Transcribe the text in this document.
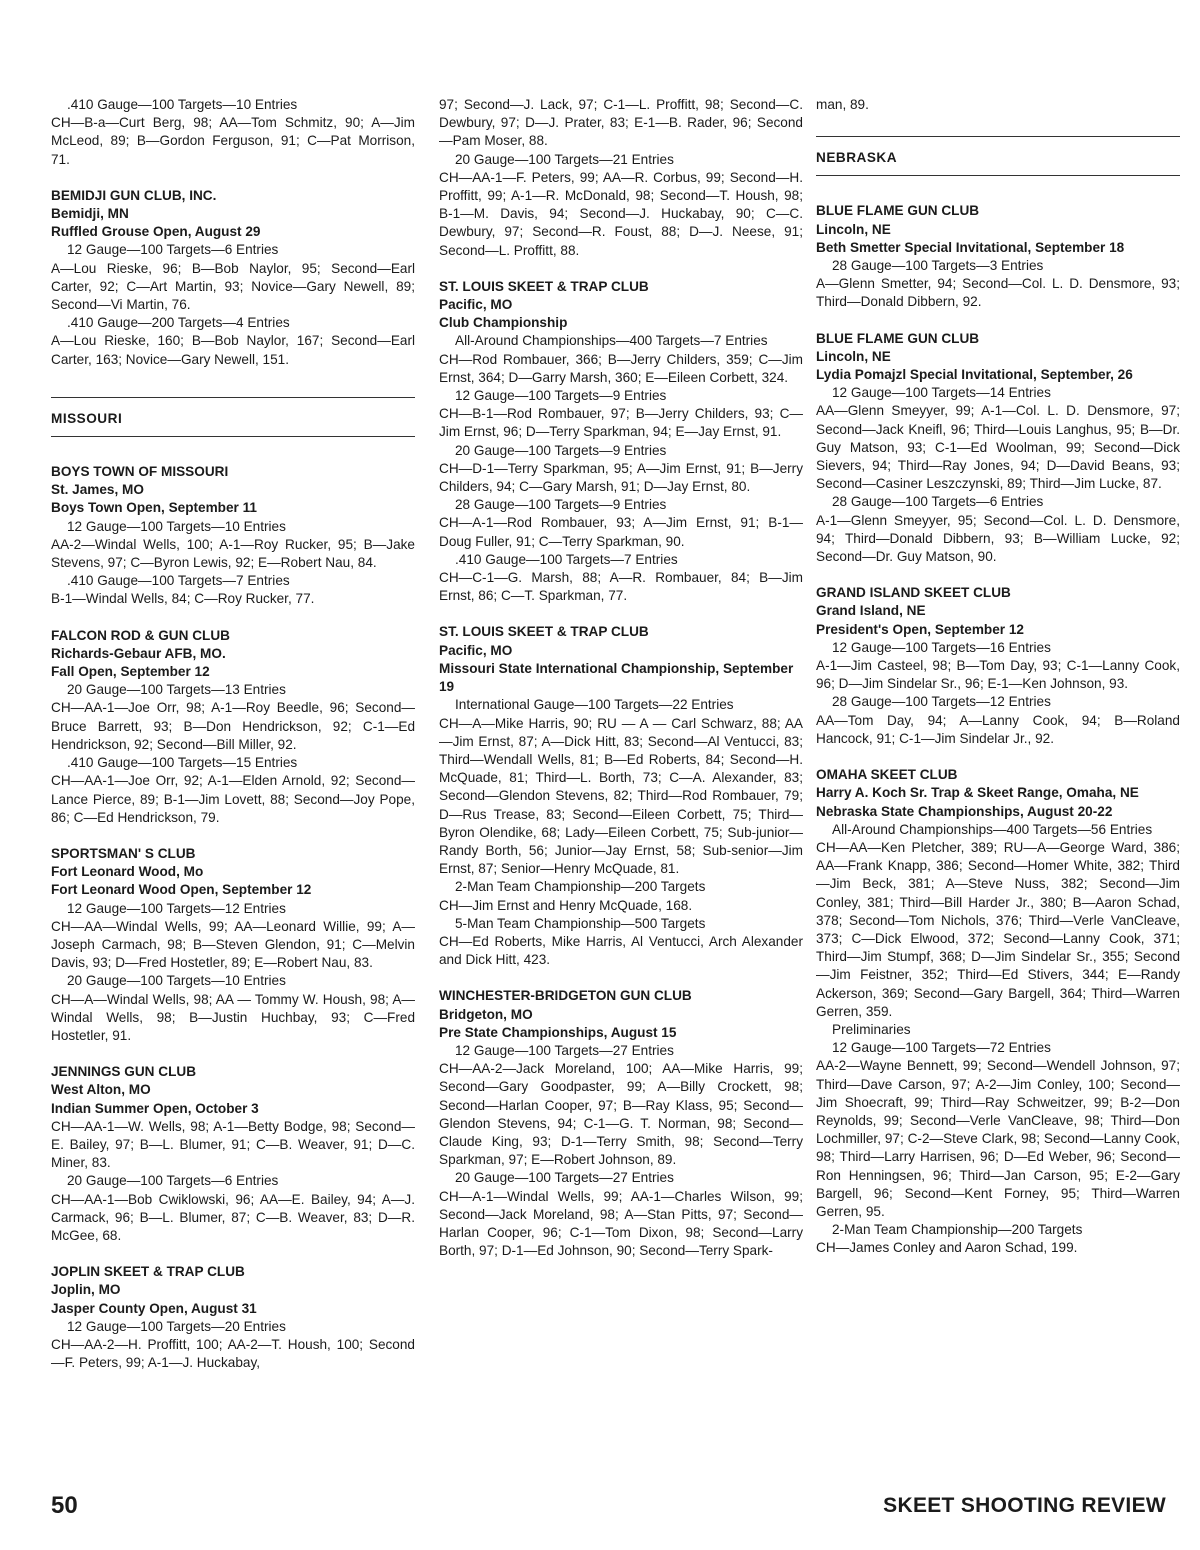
.410 Gauge—100 Targets—10 Entries

CH—B-a—Curt Berg, 98; AA—Tom Schmitz, 90; A—Jim McLeod, 89; B—Gordon Ferguson, 91; C—Pat Morrison, 71.

BEMIDJI GUN CLUB, INC.

Bemidji, MN

Ruffled Grouse Open, August 29

12 Gauge—100 Targets—6 Entries

A—Lou Rieske, 96; B—Bob Naylor, 95; Second—Earl Carter, 92; C—Art Martin, 93; Novice—Gary Newell, 89; Second—Vi Martin, 76.

.410 Gauge—200 Targets—4 Entries

A—Lou Rieske, 160; B—Bob Naylor, 167; Second—Earl Carter, 163; Novice—Gary Newell, 151.

MISSOURI

BOYS TOWN OF MISSOURI

St. James, MO

Boys Town Open, September 11

12 Gauge—100 Targets—10 Entries

AA-2—Windal Wells, 100; A-1—Roy Rucker, 95; B—Jake Stevens, 97; C—Byron Lewis, 92; E—Robert Nau, 84.

.410 Gauge—100 Targets—7 Entries

B-1—Windal Wells, 84; C—Roy Rucker, 77.

FALCON ROD & GUN CLUB

Richards-Gebaur AFB, MO.

Fall Open, September 12

20 Gauge—100 Targets—13 Entries

CH—AA-1—Joe Orr, 98; A-1—Roy Beedle, 96; Second—Bruce Barrett, 93; B—Don Hendrickson, 92; C-1—Ed Hendrickson, 92; Second—Bill Miller, 92.

.410 Gauge—100 Targets—15 Entries

CH—AA-1—Joe Orr, 92; A-1—Elden Arnold, 92; Second—Lance Pierce, 89; B-1—Jim Lovett, 88; Second—Joy Pope, 86; C—Ed Hendrickson, 79.

SPORTSMAN' S CLUB

Fort Leonard Wood, Mo

Fort Leonard Wood Open, September 12

12 Gauge—100 Targets—12 Entries

CH—AA—Windal Wells, 99; AA—Leonard Willie, 99; A—Joseph Carmach, 98; B—Steven Glendon, 91; C—Melvin Davis, 93; D—Fred Hostetler, 89; E—Robert Nau, 83.

20 Gauge—100 Targets—10 Entries

CH—A—Windal Wells, 98; AA — Tommy W. Housh, 98; A—Windal Wells, 98; B—Justin Huchbay, 93; C—Fred Hostetler, 91.

JENNINGS GUN CLUB

West Alton, MO

Indian Summer Open, October 3

CH—AA-1—W. Wells, 98; A-1—Betty Bodge, 98; Second—E. Bailey, 97; B—L. Blumer, 91; C—B. Weaver, 91; D—C. Miner, 83.

20 Gauge—100 Targets—6 Entries

CH—AA-1—Bob Cwiklowski, 96; AA—E. Bailey, 94; A—J. Carmack, 96; B—L. Blumer, 87; C—B. Weaver, 83; D—R. McGee, 68.

JOPLIN SKEET & TRAP CLUB

Joplin, MO

Jasper County Open, August 31

12 Gauge—100 Targets—20 Entries

CH—AA-2—H. Proffitt, 100; AA-2—T. Housh, 100; Second—F. Peters, 99; A-1—J. Huckabay,

97; Second—J. Lack, 97; C-1—L. Proffitt, 98; Second—C. Dewbury, 97; D—J. Prater, 83; E-1—B. Rader, 96; Second—Pam Moser, 88.

20 Gauge—100 Targets—21 Entries

CH—AA-1—F. Peters, 99; AA—R. Corbus, 99; Second—H. Proffitt, 99; A-1—R. McDonald, 98; Second—T. Housh, 98; B-1—M. Davis, 94; Second—J. Huckabay, 90; C—C. Dewbury, 97; Second—R. Foust, 88; D—J. Neese, 91; Second—L. Proffitt, 88.

ST. LOUIS SKEET & TRAP CLUB

Pacific, MO

Club Championship

All-Around Championships—400 Targets—7 Entries

CH—Rod Rombauer, 366; B—Jerry Childers, 359; C—Jim Ernst, 364; D—Garry Marsh, 360; E—Eileen Corbett, 324.

12 Gauge—100 Targets—9 Entries

CH—B-1—Rod Rombauer, 97; B—Jerry Childers, 93; C—Jim Ernst, 96; D—Terry Sparkman, 94; E—Jay Ernst, 91.

20 Gauge—100 Targets—9 Entries

CH—D-1—Terry Sparkman, 95; A—Jim Ernst, 91; B—Jerry Childers, 94; C—Gary Marsh, 91; D—Jay Ernst, 80.

28 Gauge—100 Targets—9 Entries

CH—A-1—Rod Rombauer, 93; A—Jim Ernst, 91; B-1—Doug Fuller, 91; C—Terry Sparkman, 90.

.410 Gauge—100 Targets—7 Entries

CH—C-1—G. Marsh, 88; A—R. Rombauer, 84; B—Jim Ernst, 86; C—T. Sparkman, 77.

ST. LOUIS SKEET & TRAP CLUB

Pacific, MO

Missouri State International Championship, September 19

International Gauge—100 Targets—22 Entries

CH—A—Mike Harris, 90; RU — A — Carl Schwarz, 88; AA—Jim Ernst, 87; A—Dick Hitt, 83; Second—Al Ventucci, 83; Third—Wendall Wells, 81; B—Ed Roberts, 84; Second—H. McQuade, 81; Third—L. Borth, 73; C—A. Alexander, 83; Second—Glendon Stevens, 82; Third—Rod Rombauer, 79; D—Rus Trease, 83; Second—Eileen Corbett, 75; Third—Byron Olendike, 68; Lady—Eileen Corbett, 75; Sub-junior—Randy Borth, 56; Junior—Jay Ernst, 58; Sub-senior—Jim Ernst, 87; Senior—Henry McQuade, 81.

2-Man Team Championship—200 Targets

CH—Jim Ernst and Henry McQuade, 168.

5-Man Team Championship—500 Targets

CH—Ed Roberts, Mike Harris, Al Ventucci, Arch Alexander and Dick Hitt, 423.

WINCHESTER-BRIDGETON GUN CLUB

Bridgeton, MO

Pre State Championships, August 15

12 Gauge—100 Targets—27 Entries

CH—AA-2—Jack Moreland, 100; AA—Mike Harris, 99; Second—Gary Goodpaster, 99; A—Billy Crockett, 98; Second—Harlan Cooper, 97; B—Ray Klass, 95; Second—Glendon Stevens, 94; C-1—G. T. Norman, 98; Second—Claude King, 93; D-1—Terry Smith, 98; Second—Terry Sparkman, 97; E—Robert Johnson, 89.

20 Gauge—100 Targets—27 Entries

CH—A-1—Windal Wells, 99; AA-1—Charles Wilson, 99; Second—Jack Moreland, 98; A—Stan Pitts, 97; Second—Harlan Cooper, 96; C-1—Tom Dixon, 98; Second—Larry Borth, 97; D-1—Ed Johnson, 90; Second—Terry Spark-

man, 89.

NEBRASKA

BLUE FLAME GUN CLUB

Lincoln, NE

Beth Smetter Special Invitational, September 18

28 Gauge—100 Targets—3 Entries

A—Glenn Smetter, 94; Second—Col. L. D. Densmore, 93; Third—Donald Dibbern, 92.

BLUE FLAME GUN CLUB

Lincoln, NE

Lydia Pomajzl Special Invitational, September, 26

12 Gauge—100 Targets—14 Entries

AA—Glenn Smeyyer, 99; A-1—Col. L. D. Densmore, 97; Second—Jack Kneifl, 96; Third—Louis Langhus, 95; B—Dr. Guy Matson, 93; C-1—Ed Woolman, 99; Second—Dick Sievers, 94; Third—Ray Jones, 94; D—David Beans, 93; Second—Casiner Leszczynski, 89; Third—Jim Lucke, 87.

28 Gauge—100 Targets—6 Entries

A-1—Glenn Smeyyer, 95; Second—Col. L. D. Densmore, 94; Third—Donald Dibbern, 93; B—William Lucke, 92; Second—Dr. Guy Matson, 90.

GRAND ISLAND SKEET CLUB

Grand Island, NE

President's Open, September 12

12 Gauge—100 Targets—16 Entries

A-1—Jim Casteel, 98; B—Tom Day, 93; C-1—Lanny Cook, 96; D—Jim Sindelar Sr., 96; E-1—Ken Johnson, 93.

28 Gauge—100 Targets—12 Entries

AA—Tom Day, 94; A—Lanny Cook, 94; B—Roland Hancock, 91; C-1—Jim Sindelar Jr., 92.

OMAHA SKEET CLUB

Harry A. Koch Sr. Trap & Skeet Range, Omaha, NE

Nebraska State Championships, August 20-22

All-Around Championships—400 Targets—56 Entries

CH—AA—Ken Pletcher, 389; RU—A—George Ward, 386; AA—Frank Knapp, 386; Second—Homer White, 382; Third—Jim Beck, 381; A—Steve Nuss, 382; Second—Jim Conley, 381; Third—Bill Harder Jr., 380; B—Aaron Schad, 378; Second—Tom Nichols, 376; Third—Verle VanCleave, 373; C—Dick Elwood, 372; Second—Lanny Cook, 371; Third—Jim Stumpf, 368; D—Jim Sindelar Sr., 355; Second—Jim Feistner, 352; Third—Ed Stivers, 344; E—Randy Ackerson, 369; Second—Gary Bargell, 364; Third—Warren Gerren, 359.

Preliminaries

12 Gauge—100 Targets—72 Entries

AA-2—Wayne Bennett, 99; Second—Wendell Johnson, 97; Third—Dave Carson, 97; A-2—Jim Conley, 100; Second—Jim Shoecraft, 99; Third—Ray Schweitzer, 99; B-2—Don Reynolds, 99; Second—Verle VanCleave, 98; Third—Don Lochmiller, 97; C-2—Steve Clark, 98; Second—Lanny Cook, 98; Third—Larry Harrisen, 96; D—Ed Weber, 96; Second—Ron Henningsen, 96; Third—Jan Carson, 95; E-2—Gary Bargell, 96; Second—Kent Forney, 95; Third—Warren Gerren, 95.

2-Man Team Championship—200 Targets

CH—James Conley and Aaron Schad, 199.

50	SKEET SHOOTING REVIEW
